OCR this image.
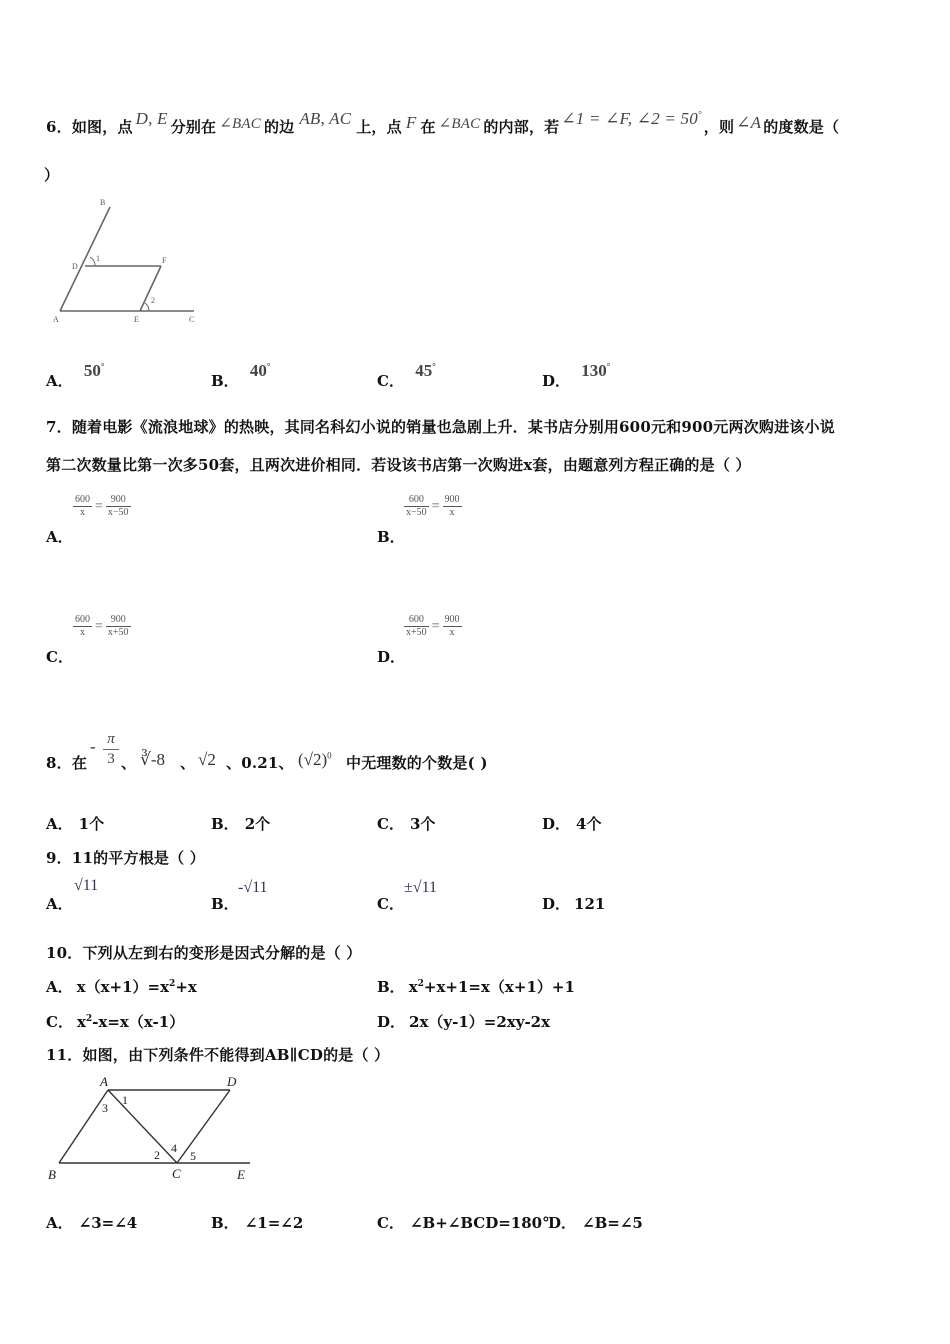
6．如图，点 D, E 分别在 ∠BAC 的边 AB, AC 上，点 F 在 ∠BAC 的内部，若 ∠1 = ∠F, ∠2 = 50°，则 ∠A 的度数是（
）
B
D
1	F
2
A	E	C
A． 50°
B． 40°
C． 45°
D． 130°
7．随着电影《流浪地球》的热映，其同名科幻小说的销量也急剧上升．某书店分别用600元和900元两次购进该小说
第二次数量比第一次多50套，且两次进价相同．若设该书店第一次购进x套，由题意列方程正确的是（ ）
$\frac{600}{x} = \frac{900}{x-50}$
A．
$\frac{600}{x-50} = \frac{900}{x}$
B．
$\frac{600}{x} = \frac{900}{x+50}$
C．
$\frac{600}{x+50} = \frac{900}{x}$
D．
8．在
- $\frac{\pi}{3}$ 、 ∛-8 、 √2 、0.21、 $(√2)^0$ 中无理数的个数是( )
A． 1个	B． 2个	C． 3个	D． 4个
9．11的平方根是（ ）
A．
√11
B．
-√11
C．
±√11
D． 121
10．下列从左到右的变形是因式分解的是（ ）
A． $x(x+1)=x^2+x$	B． $x^2+x+1=x(x+1)+1$
C． $x^2-x=x(x-1)$	D． 2x（y-1）=2xy-2x
11．如图，由下列条件不能得到AB∥CD的是（ ）
A	D
B	C	E
1
3
2 4
5
A． ∠3=∠4	B． ∠1=∠2	C． ∠B+∠BCD=180°
D． ∠B=∠5
